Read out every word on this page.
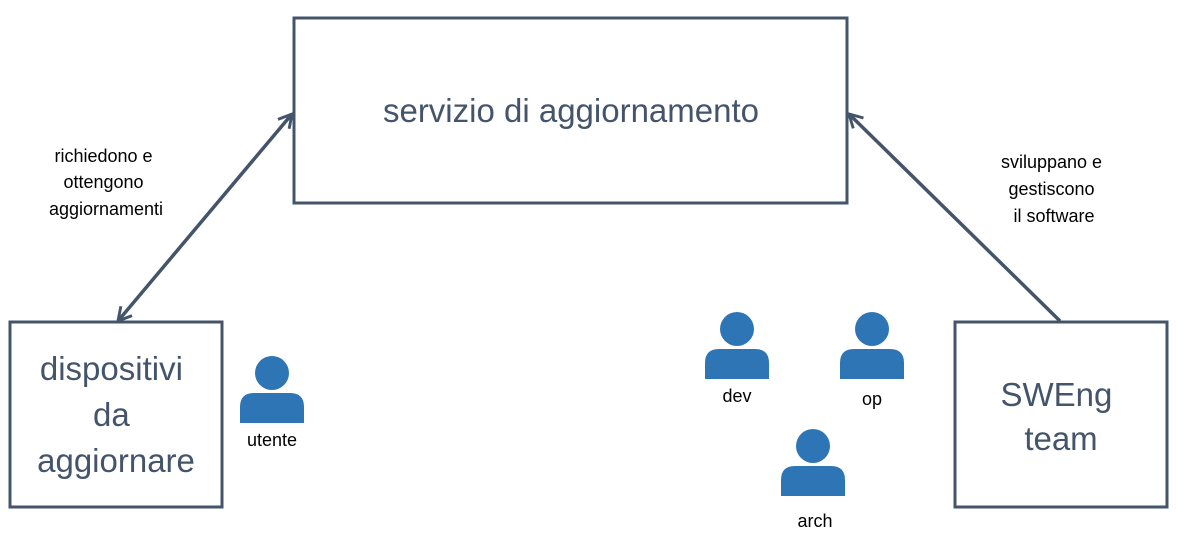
servizio di aggiornamento
dispositivi da aggiornare
SWEng team
richiedono e ottengono aggiornamenti
sviluppano e gestiscono il software
utente
dev	op
arch
